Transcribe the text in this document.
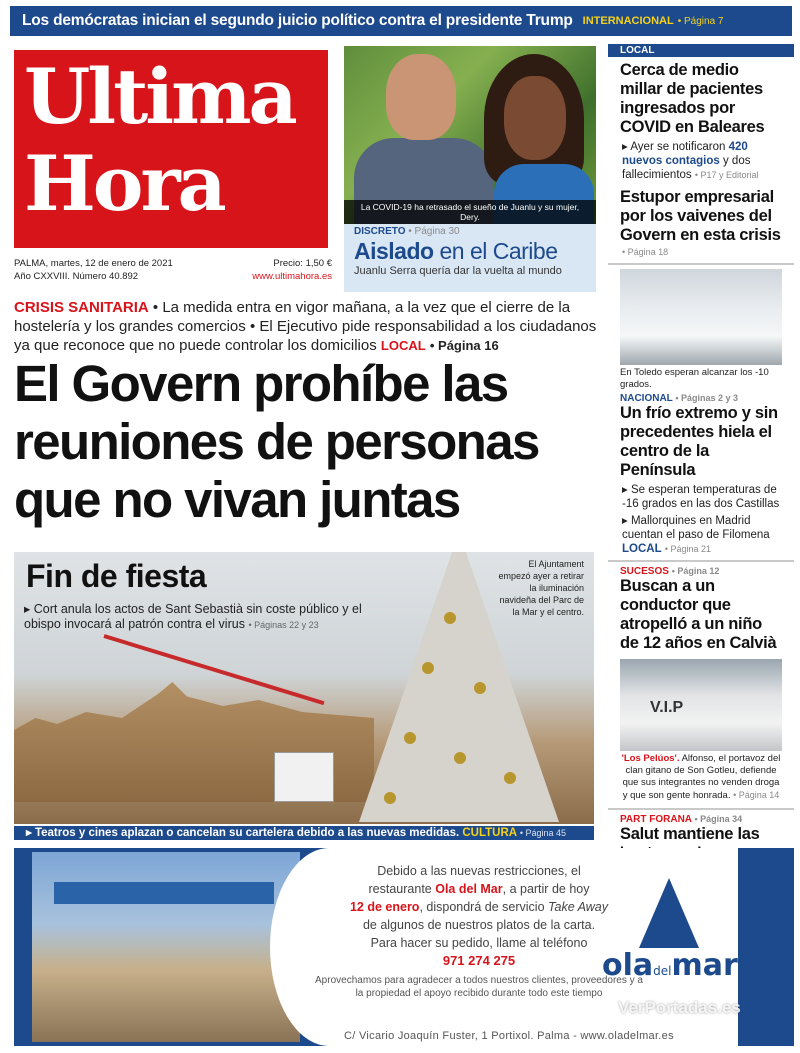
Los demócratas inician el segundo juicio político contra el presidente Trump INTERNACIONAL • Página 7
Ultima
Hora
PALMA, martes, 12 de enero de 2021	Precio: 1,50 €
Año CXXVIII. Número 40.892	www.ultimahora.es
La COVID-19 ha retrasado el sueño de Juanlu y su mujer, Dery.
DISCRETO • Página 30
Aislado en el Caribe
Juanlu Serra quería dar la vuelta al mundo
LOCAL
Cerca de medio millar de pacientes ingresados por COVID en Baleares
▸ Ayer se notificaron 420 nuevos contagios y dos fallecimientos • P17 y Editorial
Estupor empresarial por los vaivenes del Govern en esta crisis
• Página 18
En Toledo esperan alcanzar los -10 grados.
NACIONAL • Páginas 2 y 3
Un frío extremo y sin precedentes hiela el centro de la Península
▸ Se esperan temperaturas de -16 grados en las dos Castillas
▸ Mallorquines en Madrid cuentan el paso de Filomena
LOCAL • Página 21
SUCESOS • Página 12
Buscan a un conductor que atropelló a un niño de 12 años en Calvià
V.I.P
'Los Pelúos'. Alfonso, el portavoz del clan gitano de Son Gotleu, defiende que sus integrantes no venden droga y que son gente honrada. • Página 14
PART FORANA • Página 34
Salut mantiene las
CRISIS SANITARIA • La medida entra en vigor mañana, a la vez que el cierre de la hostelería y los grandes comercios • El Ejecutivo pide responsabilidad a los ciudadanos ya que reconoce que no puede controlar los domicilios LOCAL • Página 16
El Govern prohíbe las reuniones de personas que no vivan juntas
Fin de fiesta
▸ Cort anula los actos de Sant Sebastià sin coste público y el obispo invocará al patrón contra el virus • Páginas 22 y 23
El Ajuntament empezó ayer a retirar la iluminación navideña del Parc de la Mar y el centro.
▸ Teatros y cines aplazan o cancelan su cartelera debido a las nuevas medidas. CULTURA • Página 45
Debido a las nuevas restricciones, el
restaurante Ola del Mar, a partir de hoy
12 de enero, dispondrá de servicio Take Away
de algunos de nuestros platos de la carta.
Para hacer su pedido, llame al teléfono
971 274 275
Aprovechamos para agradecer a todos nuestros clientes, proveedores y a la propiedad el apoyo recibido durante todo este tiempo
oladelmar
C/ Vicario Joaquín Fuster, 1 Portixol. Palma - www.oladelmar.es
VerPortadas.es
